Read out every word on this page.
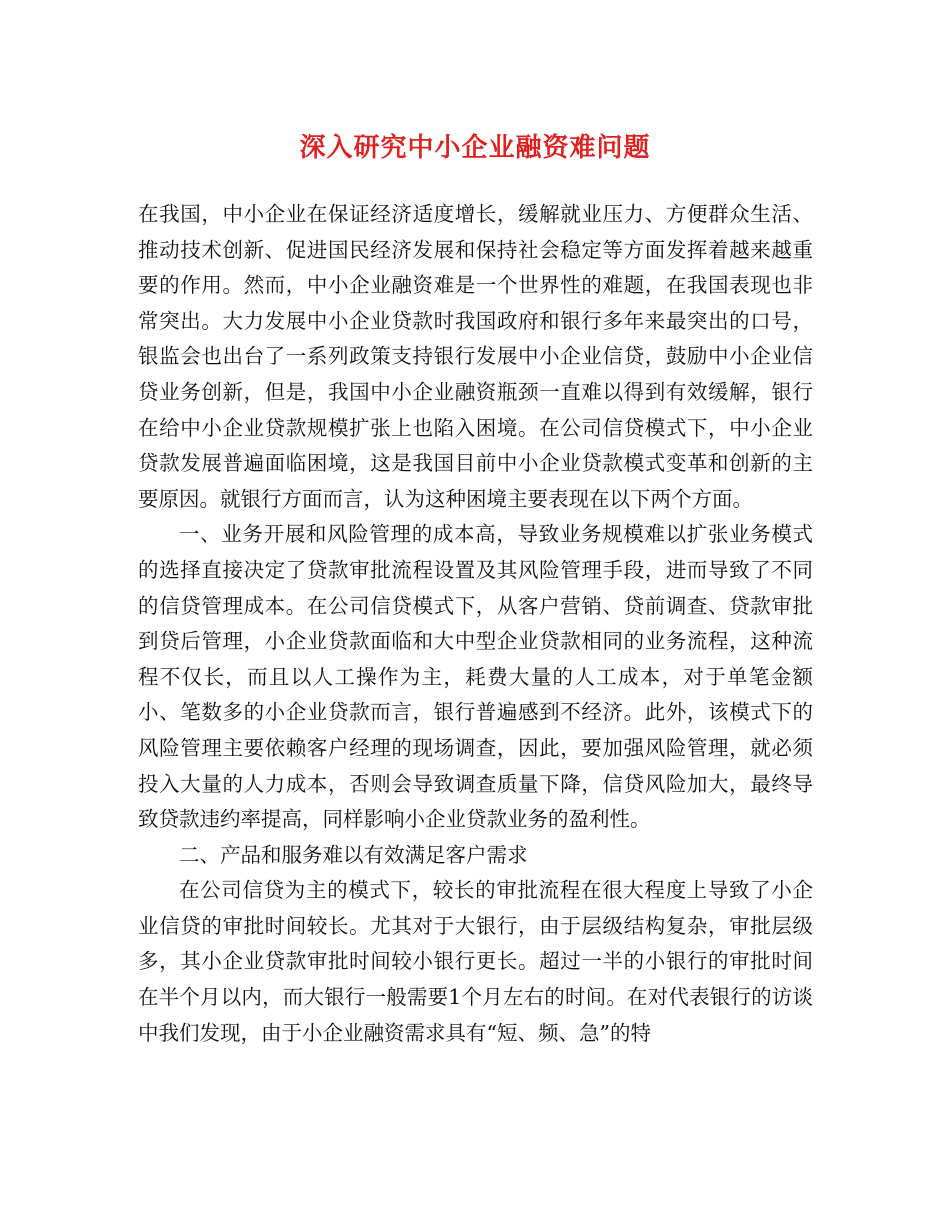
深入研究中小企业融资难问题

在我国，中小企业在保证经济适度增长，缓解就业压力、方便群众生活、推动技术创新、促进国民经济发展和保持社会稳定等方面发挥着越来越重要的作用。然而，中小企业融资难是一个世界性的难题，在我国表现也非常突出。大力发展中小企业贷款时我国政府和银行多年来最突出的口号，银监会也出台了一系列政策支持银行发展中小企业信贷，鼓励中小企业信贷业务创新，但是，我国中小企业融资瓶颈一直难以得到有效缓解，银行在给中小企业贷款规模扩张上也陷入困境。在公司信贷模式下，中小企业贷款发展普遍面临困境，这是我国目前中小企业贷款模式变革和创新的主要原因。就银行方面而言，认为这种困境主要表现在以下两个方面。

一、业务开展和风险管理的成本高，导致业务规模难以扩张业务模式的选择直接决定了贷款审批流程设置及其风险管理手段，进而导致了不同的信贷管理成本。在公司信贷模式下，从客户营销、贷前调查、贷款审批到贷后管理，小企业贷款面临和大中型企业贷款相同的业务流程，这种流程不仅长，而且以人工操作为主，耗费大量的人工成本，对于单笔金额小、笔数多的小企业贷款而言，银行普遍感到不经济。此外，该模式下的风险管理主要依赖客户经理的现场调查，因此，要加强风险管理，就必须投入大量的人力成本，否则会导致调查质量下降，信贷风险加大，最终导致贷款违约率提高，同样影响小企业贷款业务的盈利性。

二、产品和服务难以有效满足客户需求

在公司信贷为主的模式下，较长的审批流程在很大程度上导致了小企业信贷的审批时间较长。尤其对于大银行，由于层级结构复杂，审批层级多，其小企业贷款审批时间较小银行更长。超过一半的小银行的审批时间在半个月以内，而大银行一般需要1个月左右的时间。在对代表银行的访谈中我们发现，由于小企业融资需求具有“短、频、急”的特
